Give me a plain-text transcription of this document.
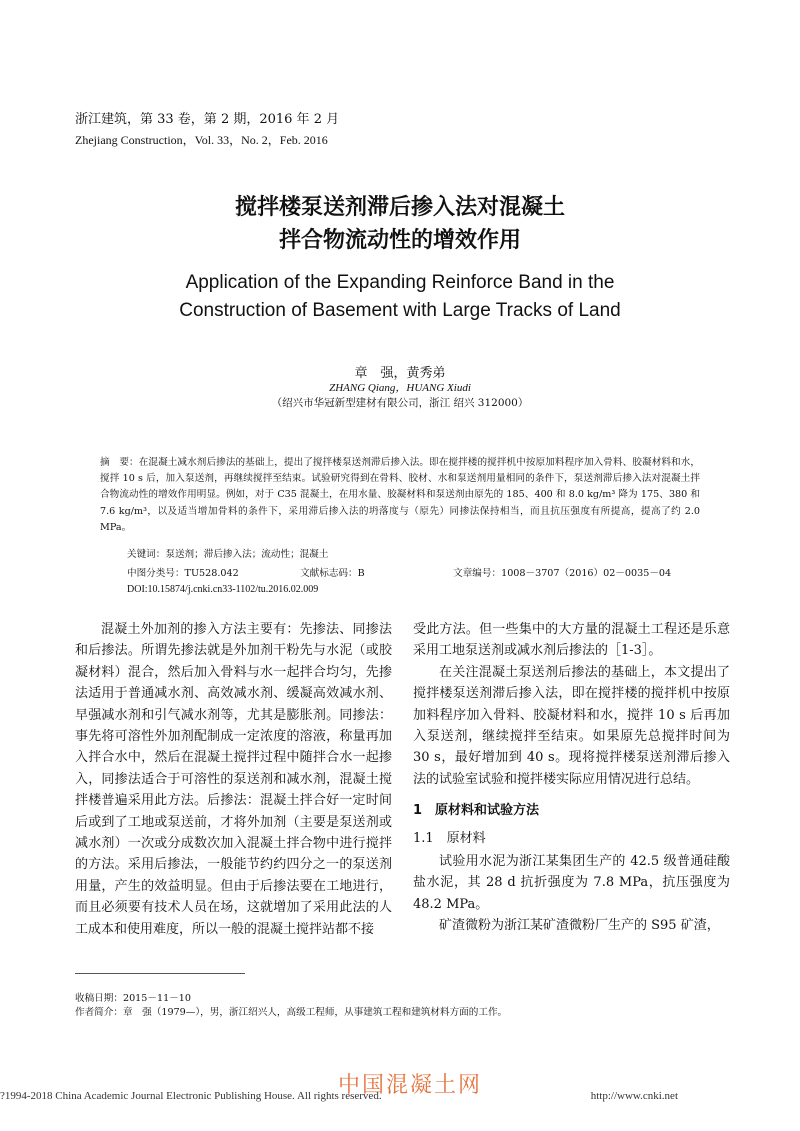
浙江建筑，第 33 卷，第 2 期，2016 年 2 月
Zhejiang Construction，Vol. 33，No. 2，Feb. 2016
搅拌楼泵送剂滞后掺入法对混凝土
拌合物流动性的增效作用
Application of the Expanding Reinforce Band in the
Construction of Basement with Large Tracks of Land
章　强，黄秀弟
ZHANG Qiang，HUANG Xiudi
（绍兴市华冠新型建材有限公司，浙江 绍兴 312000）
摘　要：在混凝土减水剂后掺法的基础上，提出了搅拌楼泵送剂滞后掺入法。即在搅拌楼的搅拌机中按原加料程序加入骨料、胶凝材料和水，搅拌 10 s 后，加入泵送剂，再继续搅拌至结束。试验研究得到在骨料、胶材、水和泵送剂用量相同的条件下，泵送剂滞后掺入法对混凝土拌合物流动性的增效作用明显。例如，对于 C35 混凝土，在用水量、胶凝材料和泵送剂由原先的 185、400 和 8.0 kg/m³ 降为 175、380 和 7.6 kg/m³，以及适当增加骨料的条件下，采用滞后掺入法的坍落度与（原先）同掺法保持相当，而且抗压强度有所提高，提高了约 2.0 MPa。
关键词：泵送剂；滞后掺入法；流动性；混凝土
中图分类号：TU528.042	文献标志码：B	文章编号：1008－3707（2016）02－0035－04
DOI:10.15874/j.cnki.cn33-1102/tu.2016.02.009

混凝土外加剂的掺入方法主要有：先掺法、同掺法和后掺法。所谓先掺法就是外加剂干粉先与水泥（或胶凝材料）混合，然后加入骨料与水一起拌合均匀，先掺法适用于普通减水剂、高效减水剂、缓凝高效减水剂、早强减水剂和引气减水剂等，尤其是膨胀剂。同掺法：事先将可溶性外加剂配制成一定浓度的溶液，称量再加入拌合水中，然后在混凝土搅拌过程中随拌合水一起掺入，同掺法适合于可溶性的泵送剂和减水剂，混凝土搅拌楼普遍采用此方法。后掺法：混凝土拌合好一定时间后或到了工地或泵送前，才将外加剂（主要是泵送剂或减水剂）一次或分成数次加入混凝土拌合物中进行搅拌的方法。采用后掺法，一般能节约约四分之一的泵送剂用量，产生的效益明显。但由于后掺法要在工地进行，而且必须要有技术人员在场，这就增加了采用此法的人工成本和使用难度，所以一般的混凝土搅拌站都不接

受此方法。但一些集中的大方量的混凝土工程还是乐意采用工地泵送剂或减水剂后掺法的［1-3］。

在关注混凝土泵送剂后掺法的基础上，本文提出了搅拌楼泵送剂滞后掺入法，即在搅拌楼的搅拌机中按原加料程序加入骨料、胶凝材料和水，搅拌 10 s 后再加入泵送剂，继续搅拌至结束。如果原先总搅拌时间为 30 s，最好增加到 40 s。现将搅拌楼泵送剂滞后掺入法的试验室试验和搅拌楼实际应用情况进行总结。

1　原材料和试验方法

1.1　原材料

试验用水泥为浙江某集团生产的 42.5 级普通硅酸盐水泥，其 28 d 抗折强度为 7.8 MPa，抗压强度为 48.2 MPa。

矿渣微粉为浙江某矿渣微粉厂生产的 S95 矿渣，

收稿日期：2015－11－10
作者简介：章　强（1979—），男，浙江绍兴人，高级工程师，从事建筑工程和建筑材料方面的工作。
?1994-2018 China Academic Journal Electronic Publishing House. All rights reserved.	http://www.cnki.net
中国混凝土网
